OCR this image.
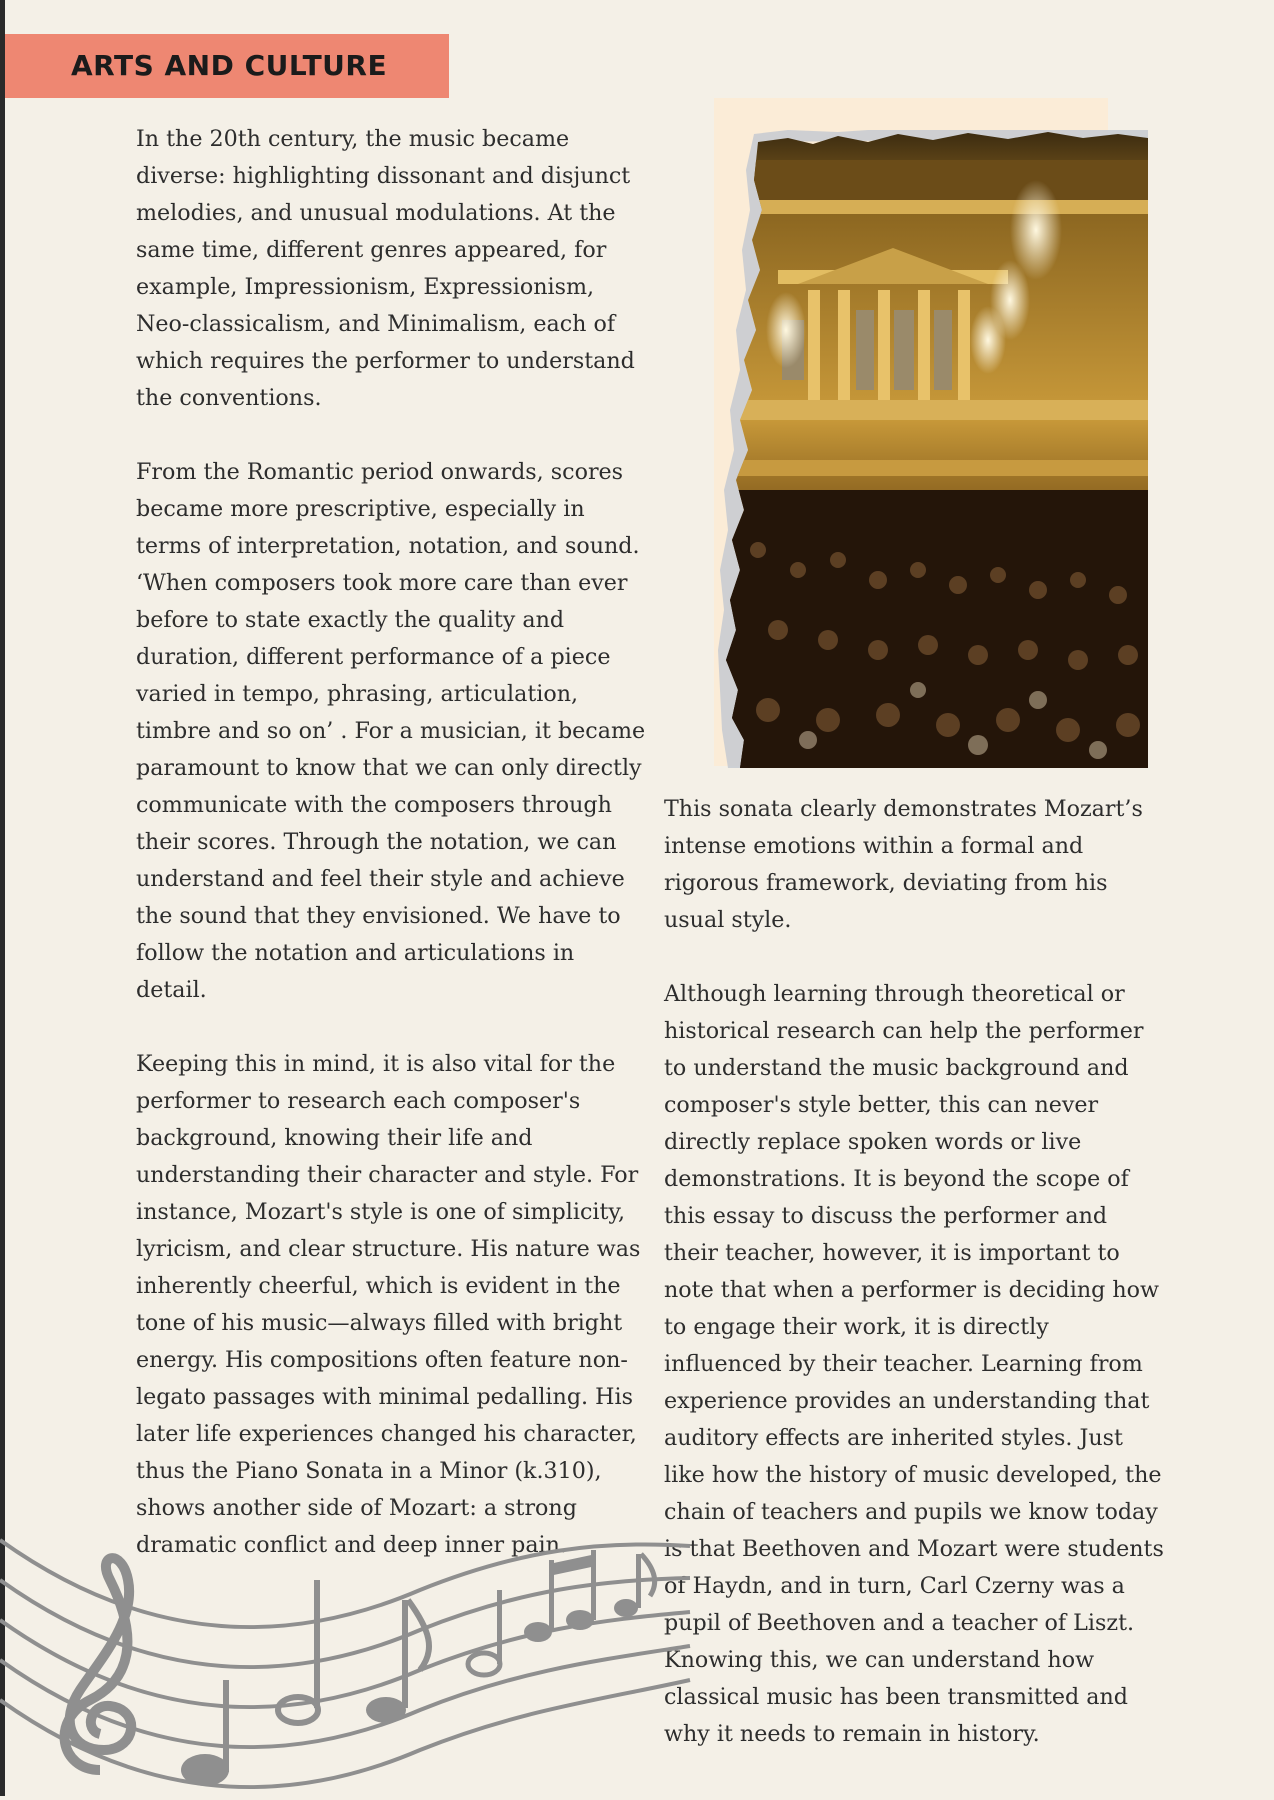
ARTS AND CULTURE

In the 20th century, the music became diverse: highlighting dissonant and disjunct melodies, and unusual modulations. At the same time, different genres appeared, for example, Impressionism, Expressionism, Neo-classicalism, and Minimalism, each of which requires the performer to understand the conventions.

From the Romantic period onwards, scores became more prescriptive, especially in terms of interpretation, notation, and sound. ‘When composers took more care than ever before to state exactly the quality and duration, different performance of a piece varied in tempo, phrasing, articulation, timbre and so on’ . For a musician, it became paramount to know that we can only directly communicate with the composers through their scores. Through the notation, we can understand and feel their style and achieve the sound that they envisioned. We have to follow the notation and articulations in detail.

Keeping this in mind, it is also vital for the performer to research each composer's background, knowing their life and understanding their character and style. For instance, Mozart's style is one of simplicity, lyricism, and clear structure. His nature was inherently cheerful, which is evident in the tone of his music—always filled with bright energy. His compositions often feature non-legato passages with minimal pedalling. His later life experiences changed his character, thus the Piano Sonata in a Minor (k.310), shows another side of Mozart: a strong dramatic conflict and deep inner pain.

This sonata clearly demonstrates Mozart’s intense emotions within a formal and rigorous framework, deviating from his usual style.

Although learning through theoretical or historical research can help the performer to understand the music background and composer's style better, this can never directly replace spoken words or live demonstrations. It is beyond the scope of this essay to discuss the performer and their teacher, however, it is important to note that when a performer is deciding how to engage their work, it is directly influenced by their teacher. Learning from experience provides an understanding that auditory effects are inherited styles. Just like how the history of music developed, the chain of teachers and pupils we know today is that Beethoven and Mozart were students of Haydn, and in turn, Carl Czerny was a pupil of Beethoven and a teacher of Liszt. Knowing this, we can understand how classical music has been transmitted and why it needs to remain in history.
